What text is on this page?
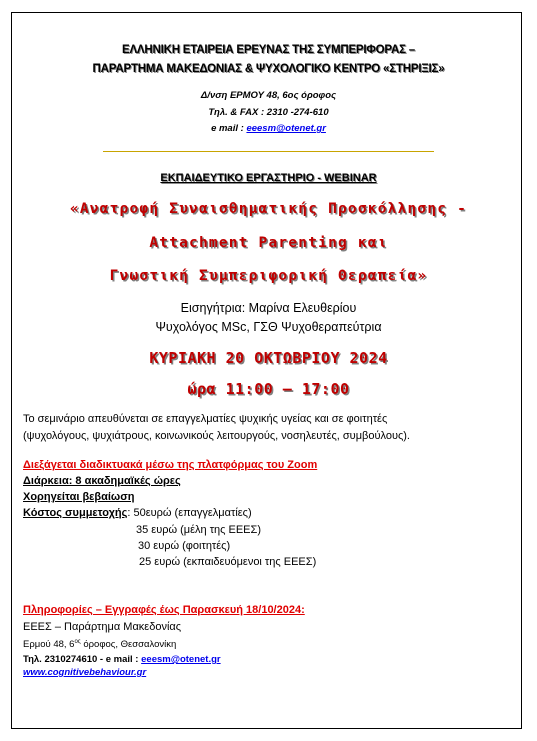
ΕΛΛΗΝΙΚΗ ΕΤΑΙΡΕΙΑ ΕΡΕΥΝΑΣ ΤΗΣ ΣΥΜΠΕΡΙΦΟΡΑΣ –
ΠΑΡΑΡΤΗΜΑ ΜΑΚΕΔΟΝΙΑΣ & ΨΥΧΟΛΟΓΙΚΟ ΚΕΝΤΡΟ «ΣΤΗΡΙΞΙΣ»
Δ/νση ΕΡΜΟΥ 48, 6ος όροφος
Τηλ. & FAX : 2310 -274-610
e mail : eeesm@otenet.gr
ΕΚΠΑΙΔΕΥΤΙΚΟ ΕΡΓΑΣΤΗΡΙΟ - WEBINAR
«Ανατροφή Συναισθηματικής Προσκόλλησης -
Attachment Parenting και
Γνωστική Συμπεριφορική Θεραπεία»
Εισηγήτρια: Μαρίνα Ελευθερίου
Ψυχολόγος MSc, ΓΣΘ Ψυχοθεραπεύτρια
ΚΥΡΙΑΚΗ 20 ΟΚΤΩΒΡΙΟΥ 2024
ώρα 11:00 – 17:00
Το σεμινάριο απευθύνεται σε επαγγελματίες ψυχικής υγείας και σε φοιτητές
(ψυχολόγους, ψυχιάτρους, κοινωνικούς λειτουργούς, νοσηλευτές, συμβούλους).
Διεξάγεται διαδικτυακά μέσω της πλατφόρμας του Zoom
Διάρκεια: 8 ακαδημαϊκές ώρες
Χορηγείται βεβαίωση
Κόστος συμμετοχής: 50ευρώ (επαγγελματίες)
35 ευρώ (μέλη της ΕΕΕΣ)
30 ευρώ (φοιτητές)
25 ευρώ (εκπαιδευόμενοι της ΕΕΕΣ)
Πληροφορίες – Εγγραφές έως Παρασκευή 18/10/2024:
ΕΕΕΣ – Παράρτημα Μακεδονίας
Ερμού 48, $6^{o\varsigma}$ όροφος, Θεσσαλονίκη
Τηλ. 2310274610 - e mail : eeesm@otenet.gr
www.cognitivebehaviour.gr
